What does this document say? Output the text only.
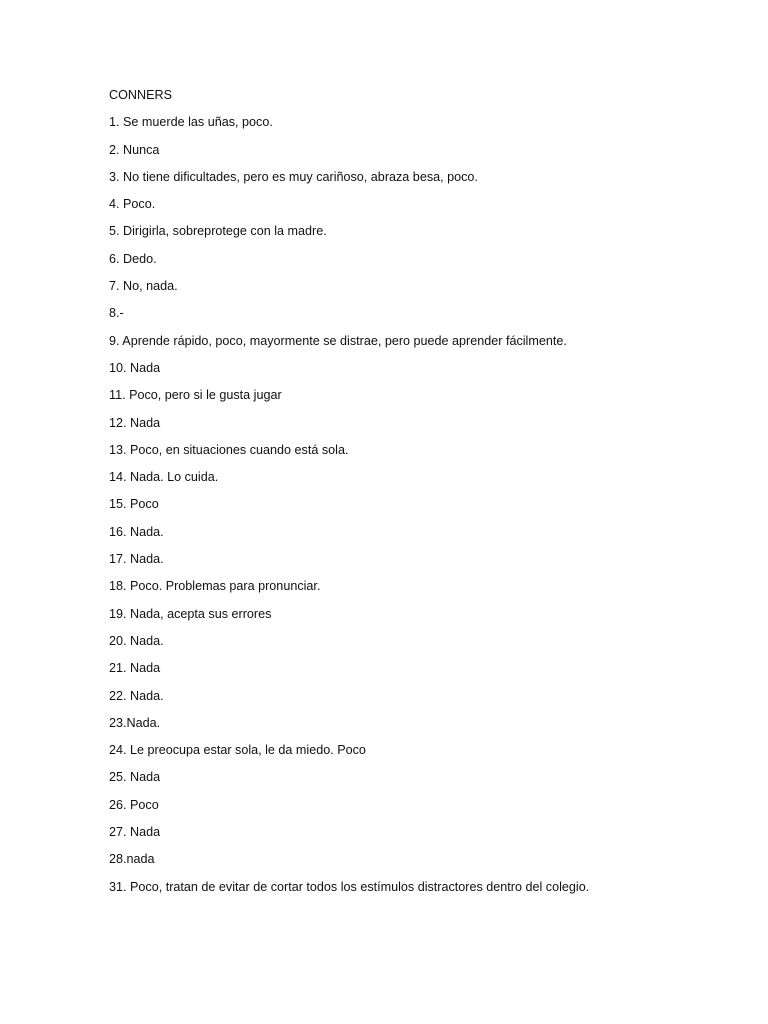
CONNERS
1. Se muerde las uñas, poco.
2. Nunca
3. No tiene dificultades, pero es muy cariñoso, abraza besa, poco.
4. Poco.
5. Dirigirla, sobreprotege con la madre.
6. Dedo.
7. No, nada.
8.-
9. Aprende rápido, poco, mayormente se distrae, pero puede aprender fácilmente.
10. Nada
11. Poco, pero si le gusta jugar
12. Nada
13. Poco, en situaciones cuando está sola.
14. Nada. Lo cuida.
15. Poco
16. Nada.
17. Nada.
18. Poco. Problemas para pronunciar.
19. Nada, acepta sus errores
20. Nada.
21. Nada
22. Nada.
23.Nada.
24. Le preocupa estar sola, le da miedo. Poco
25. Nada
26. Poco
27. Nada
28.nada
31. Poco, tratan de evitar de cortar todos los estímulos distractores dentro del colegio.
